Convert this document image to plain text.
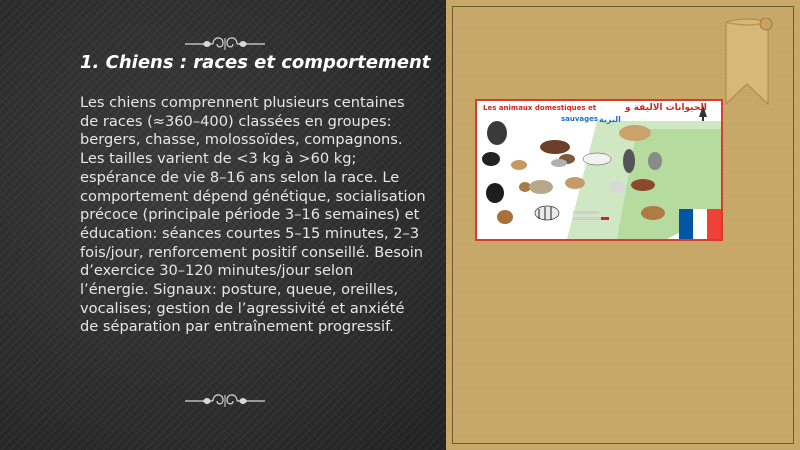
1. Chiens : races et comportement

Les chiens comprennent plusieurs centaines de races (≈360–400) classées en groupes: bergers, chasse, molossoïdes, compagnons. Les tailles varient de <3 kg à >60 kg; espérance de vie 8–16 ans selon la race. Le comportement dépend génétique, socialisation précoce (principale période 3–16 semaines) et éducation: séances courtes 5–15 minutes, 2–3 fois/jour, renforcement positif conseillé. Besoin d’exercice 30–120 minutes/jour selon l’énergie. Signaux: posture, queue, oreilles, vocalises; gestion de l’agressivité et anxiété de séparation par entraînement progressif.

Les animaux domestiques et
sauvages
الحيوانات الاليفة و
البرية
